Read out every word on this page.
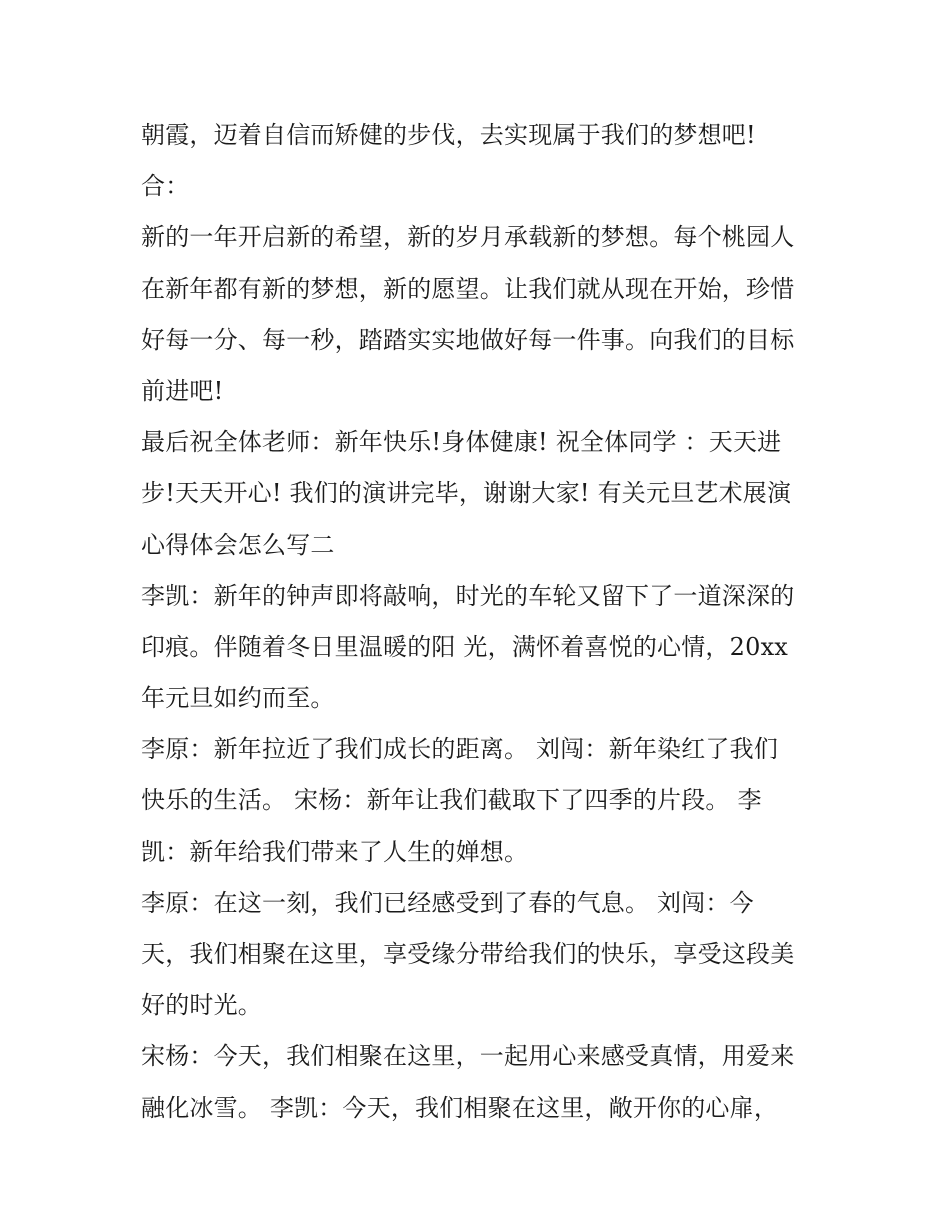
朝霞，迈着自信而矫健的步伐，去实现属于我们的梦想吧!
合：
新的一年开启新的希望，新的岁月承载新的梦想。每个桃园人
在新年都有新的梦想，新的愿望。让我们就从现在开始，珍惜
好每一分、每一秒，踏踏实实地做好每一件事。向我们的目标
前进吧!
最后祝全体老师：新年快乐!身体健康! 祝全体同学 ：天天进
步!天天开心! 我们的演讲完毕，谢谢大家! 有关元旦艺术展演
心得体会怎么写二
李凯：新年的钟声即将敲响，时光的车轮又留下了一道深深的
印痕。伴随着冬日里温暖的阳 光，满怀着喜悦的心情，20xx
年元旦如约而至。
李原：新年拉近了我们成长的距离。 刘闯：新年染红了我们
快乐的生活。 宋杨：新年让我们截取下了四季的片段。 李
凯：新年给我们带来了人生的婵想。
李原：在这一刻，我们已经感受到了春的气息。 刘闯：今
天，我们相聚在这里，享受缘分带给我们的快乐，享受这段美
好的时光。
宋杨：今天，我们相聚在这里，一起用心来感受真情，用爱来
融化冰雪。 李凯：今天，我们相聚在这里，敞开你的心扉，
